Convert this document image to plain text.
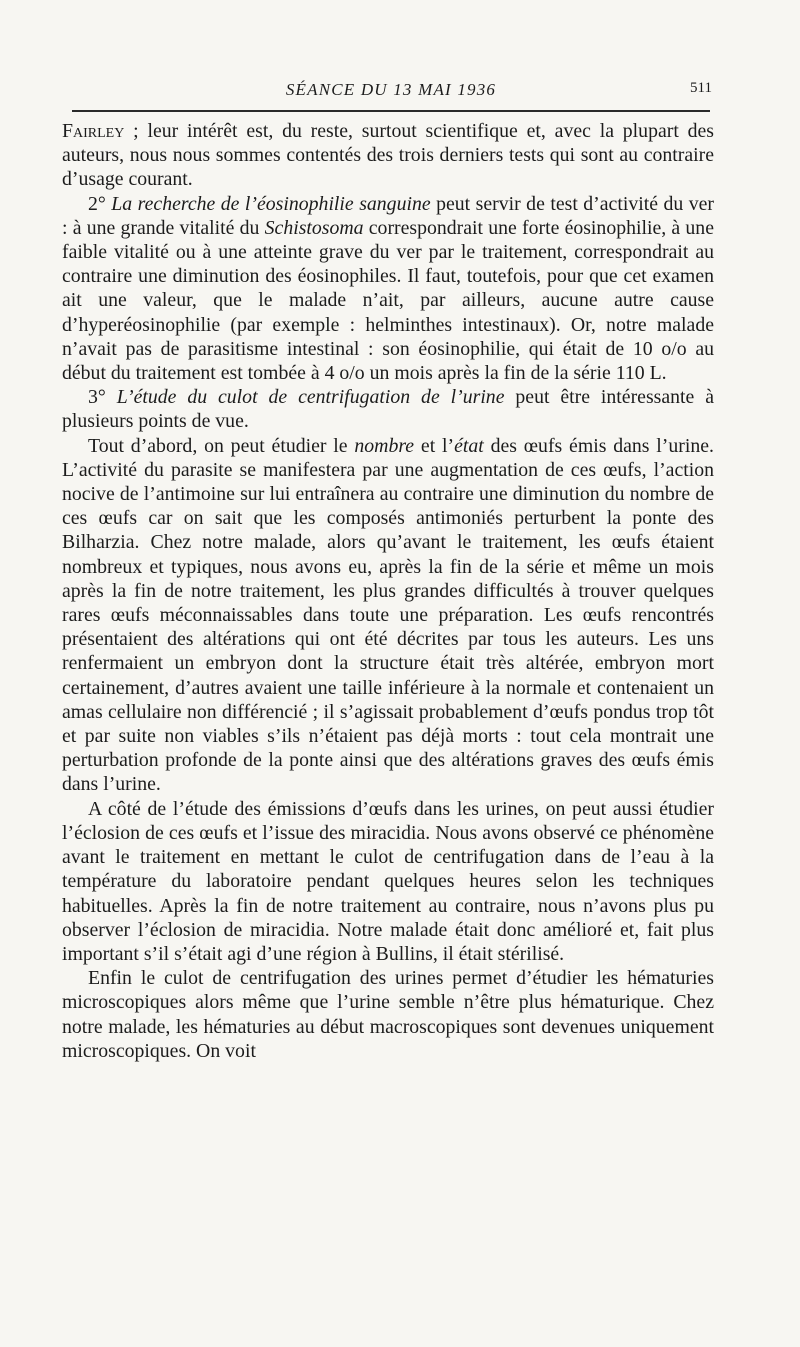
SÉANCE DU 13 MAI 1936	511

Fairley ; leur intérêt est, du reste, surtout scientifique et, avec la plupart des auteurs, nous nous sommes contentés des trois derniers tests qui sont au contraire d’usage courant.

2° La recherche de l’éosinophilie sanguine peut servir de test d’activité du ver : à une grande vitalité du Schistosoma correspondrait une forte éosinophilie, à une faible vitalité ou à une atteinte grave du ver par le traitement, correspondrait au contraire une diminution des éosinophiles. Il faut, toutefois, pour que cet examen ait une valeur, que le malade n’ait, par ailleurs, aucune autre cause d’hyperéosinophilie (par exemple : helminthes intestinaux). Or, notre malade n’avait pas de parasitisme intestinal : son éosinophilie, qui était de 10 o/o au début du traitement est tombée à 4 o/o un mois après la fin de la série 110 L.

3° L’étude du culot de centrifugation de l’urine peut être intéressante à plusieurs points de vue.

Tout d’abord, on peut étudier le nombre et l’état des œufs émis dans l’urine. L’activité du parasite se manifestera par une augmentation de ces œufs, l’action nocive de l’antimoine sur lui entraînera au contraire une diminution du nombre de ces œufs car on sait que les composés antimoniés perturbent la ponte des Bilharzia. Chez notre malade, alors qu’avant le traitement, les œufs étaient nombreux et typiques, nous avons eu, après la fin de la série et même un mois après la fin de notre traitement, les plus grandes difficultés à trouver quelques rares œufs méconnaissables dans toute une préparation. Les œufs rencontrés présentaient des altérations qui ont été décrites par tous les auteurs. Les uns renfermaient un embryon dont la structure était très altérée, embryon mort certainement, d’autres avaient une taille inférieure à la normale et contenaient un amas cellulaire non différencié ; il s’agissait probablement d’œufs pondus trop tôt et par suite non viables s’ils n’étaient pas déjà morts : tout cela montrait une perturbation profonde de la ponte ainsi que des altérations graves des œufs émis dans l’urine.

A côté de l’étude des émissions d’œufs dans les urines, on peut aussi étudier l’éclosion de ces œufs et l’issue des miracidia. Nous avons observé ce phénomène avant le traitement en mettant le culot de centrifugation dans de l’eau à la température du laboratoire pendant quelques heures selon les techniques habituelles. Après la fin de notre traitement au contraire, nous n’avons plus pu observer l’éclosion de miracidia. Notre malade était donc amélioré et, fait plus important s’il s’était agi d’une région à Bullins, il était stérilisé.

Enfin le culot de centrifugation des urines permet d’étudier les hématuries microscopiques alors même que l’urine semble n’être plus hématurique. Chez notre malade, les hématuries au début macroscopiques sont devenues uniquement microscopiques. On voit
